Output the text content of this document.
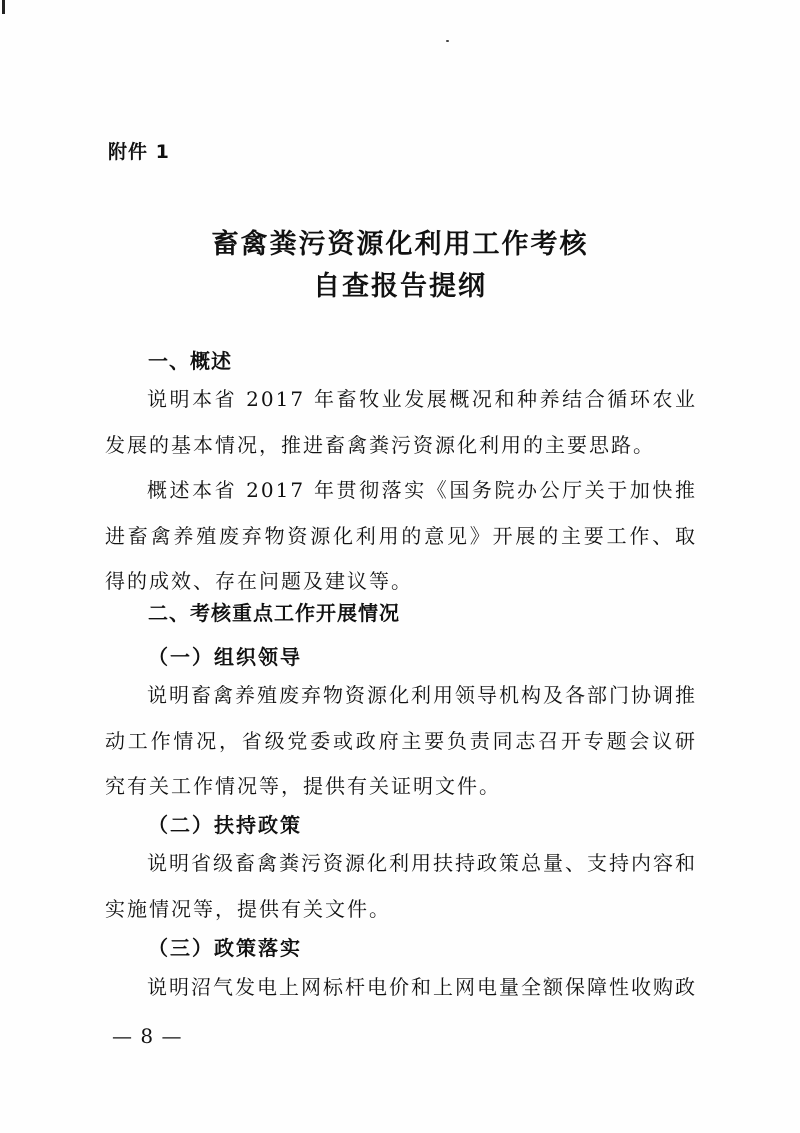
附件 1
畜禽粪污资源化利用工作考核
自查报告提纲
一、概述
说明本省 2017 年畜牧业发展概况和种养结合循环农业发展的基本情况，推进畜禽粪污资源化利用的主要思路。
概述本省 2017 年贯彻落实《国务院办公厅关于加快推进畜禽养殖废弃物资源化利用的意见》开展的主要工作、取得的成效、存在问题及建议等。
二、考核重点工作开展情况
（一）组织领导
说明畜禽养殖废弃物资源化利用领导机构及各部门协调推动工作情况，省级党委或政府主要负责同志召开专题会议研究有关工作情况等，提供有关证明文件。
（二）扶持政策
说明省级畜禽粪污资源化利用扶持政策总量、支持内容和实施情况等，提供有关文件。
（三）政策落实
说明沼气发电上网标杆电价和上网电量全额保障性收购政
— 8 —
